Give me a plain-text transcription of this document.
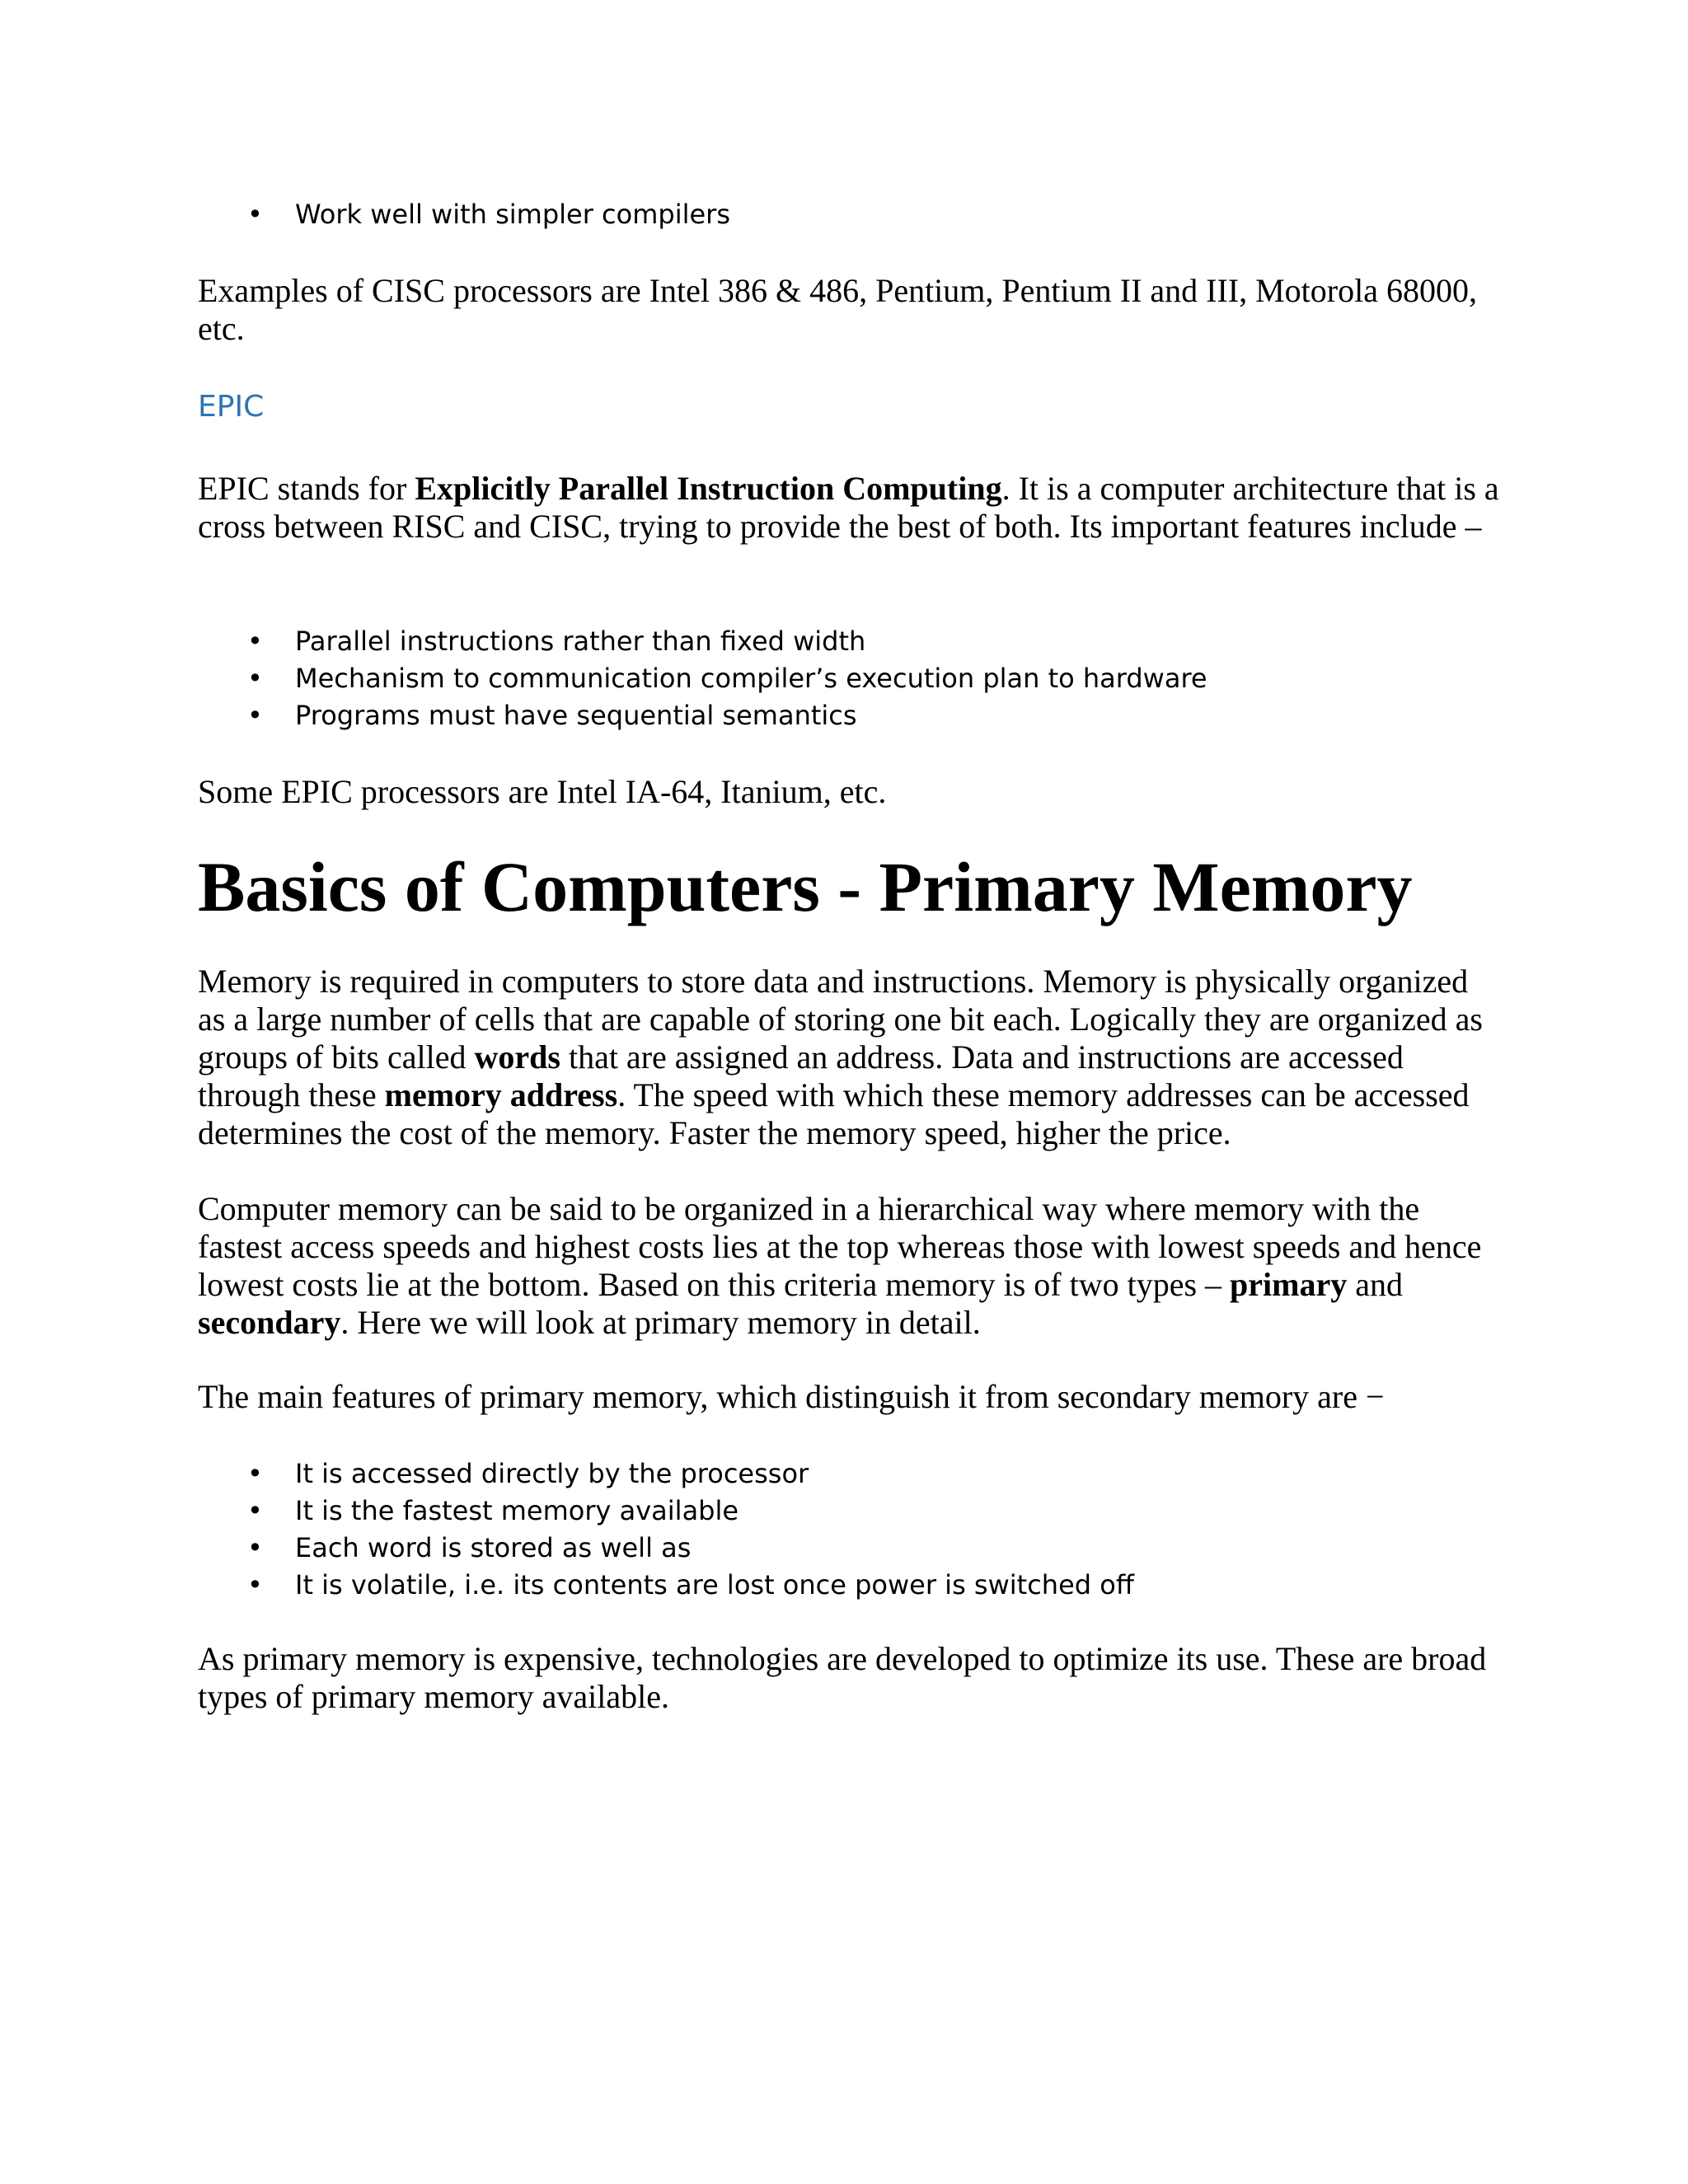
• Work well with simpler compilers

Examples of CISC processors are Intel 386 & 486, Pentium, Pentium II and III, Motorola 68000, etc.

EPIC

EPIC stands for Explicitly Parallel Instruction Computing. It is a computer architecture that is a cross between RISC and CISC, trying to provide the best of both. Its important features include –

• Parallel instructions rather than fixed width
• Mechanism to communication compiler’s execution plan to hardware
• Programs must have sequential semantics

Some EPIC processors are Intel IA-64, Itanium, etc.

Basics of Computers - Primary Memory

Memory is required in computers to store data and instructions. Memory is physically organized as a large number of cells that are capable of storing one bit each. Logically they are organized as groups of bits called words that are assigned an address. Data and instructions are accessed through these memory address. The speed with which these memory addresses can be accessed determines the cost of the memory. Faster the memory speed, higher the price.

Computer memory can be said to be organized in a hierarchical way where memory with the fastest access speeds and highest costs lies at the top whereas those with lowest speeds and hence lowest costs lie at the bottom. Based on this criteria memory is of two types – primary and secondary. Here we will look at primary memory in detail.

The main features of primary memory, which distinguish it from secondary memory are −

• It is accessed directly by the processor
• It is the fastest memory available
• Each word is stored as well as
• It is volatile, i.e. its contents are lost once power is switched off

As primary memory is expensive, technologies are developed to optimize its use. These are broad types of primary memory available.
